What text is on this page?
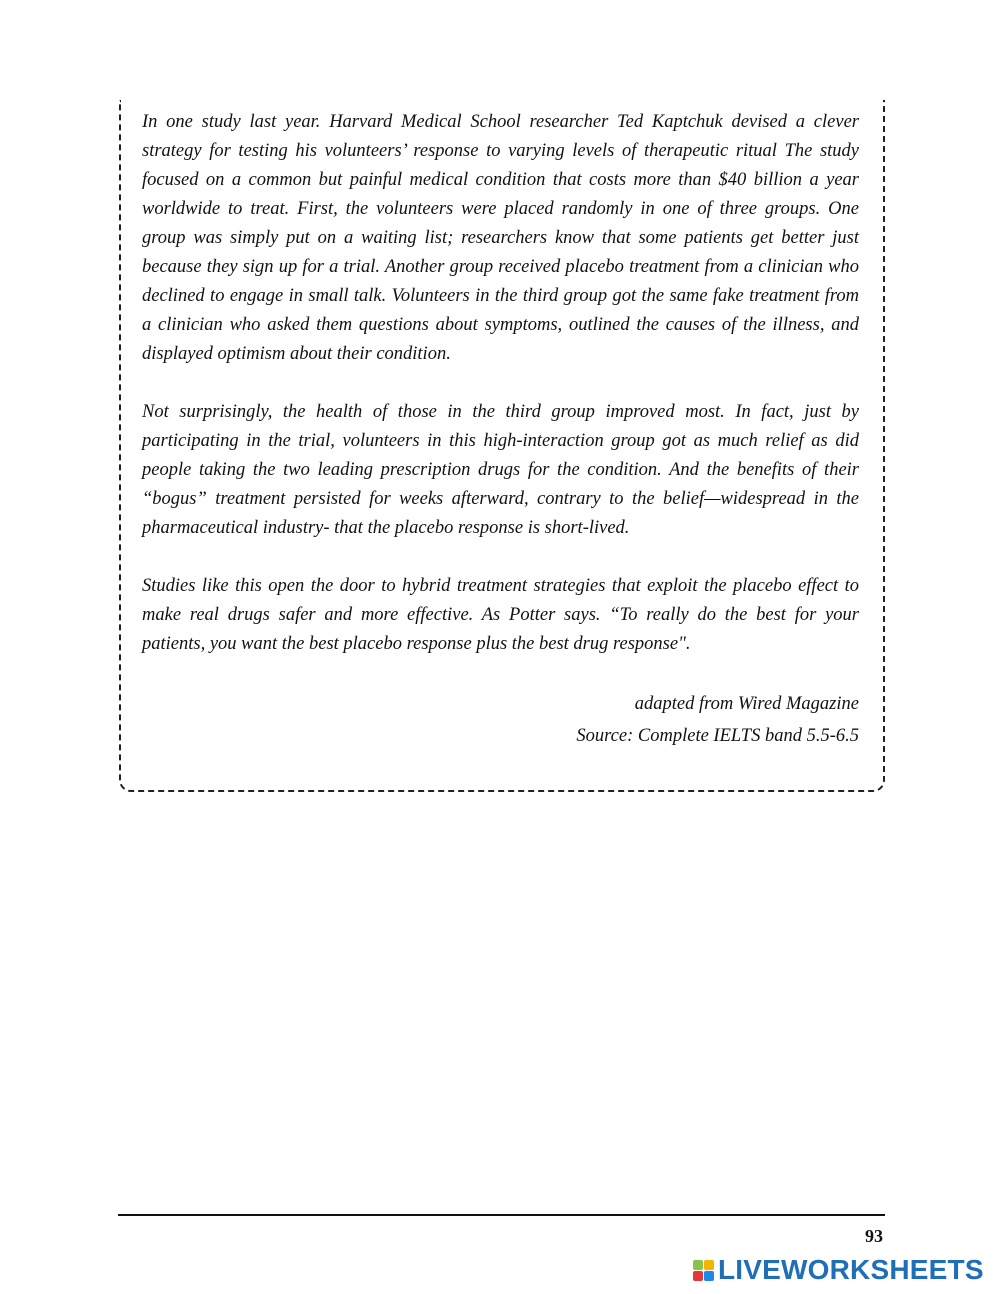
In one study last year. Harvard Medical School researcher Ted Kaptchuk devised a clever strategy for testing his volunteers’ response to varying levels of therapeutic ritual The study focused on a common but painful medical condition that costs more than $40 billion a year worldwide to treat. First, the volunteers were placed randomly in one of three groups. One group was simply put on a waiting list; researchers know that some patients get better just because they sign up for a trial. Another group received placebo treatment from a clinician who declined to engage in small talk. Volunteers in the third group got the same fake treatment from a clinician who asked them questions about symptoms, outlined the causes of the illness, and displayed optimism about their condition.

Not surprisingly, the health of those in the third group improved most. In fact, just by participating in the trial, volunteers in this high-interaction group got as much relief as did people taking the two leading prescription drugs for the condition. And the benefits of their “bogus” treatment persisted for weeks afterward, contrary to the belief—widespread in the pharmaceutical industry- that the placebo response is short-lived.

Studies like this open the door to hybrid treatment strategies that exploit the placebo effect to make real drugs safer and more effective. As Potter says. “To really do the best for your patients, you want the best placebo response plus the best drug response".

adapted from Wired Magazine
Source: Complete IELTS band 5.5-6.5
93
LIVEWORKSHEETS
